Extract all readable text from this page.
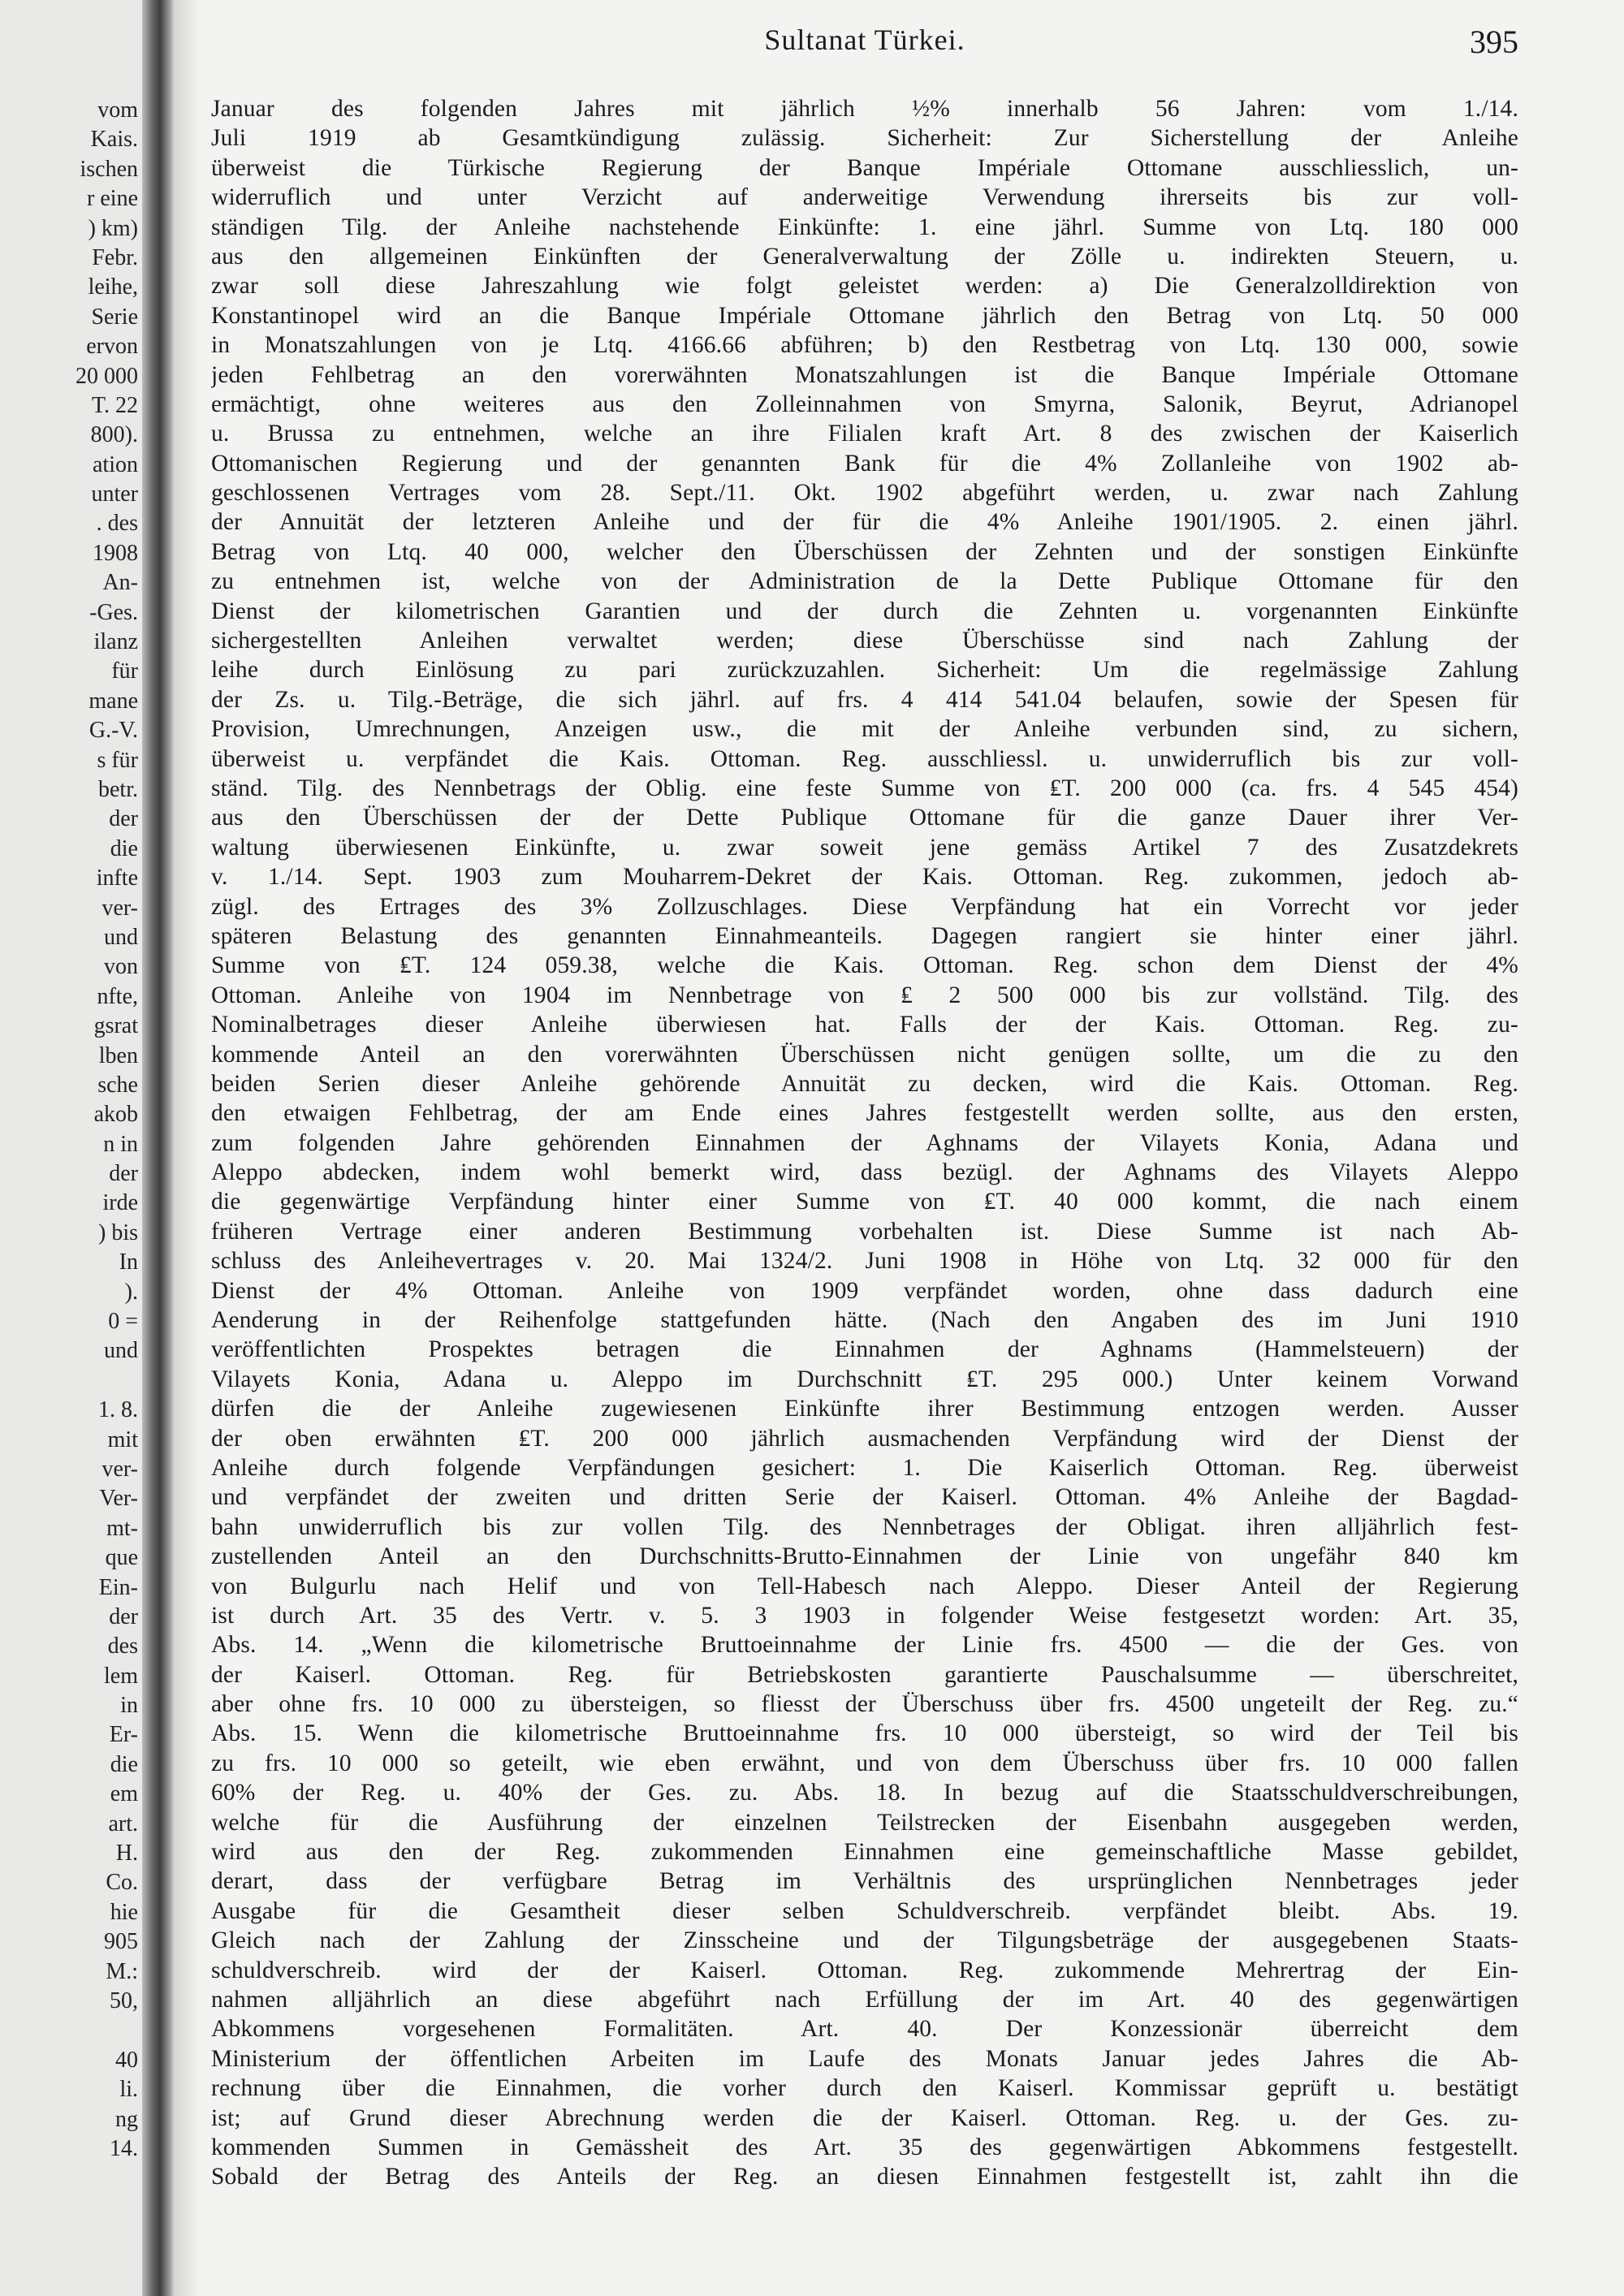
vom
Kais.
ischen
r eine
) km)
Febr.
leihe,
Serie
ervon
20 000
T. 22
800).
ation
unter
. des
1908
An-
-Ges.
ilanz
für
mane
G.-V.
s für
betr.
der
die
infte
ver-
und
von
nfte,
gsrat
lben
sche
akob
n in
der
irde
) bis
In
).
0 =
und
1. 8.
mit
ver-
Ver-
mt-
que
Ein-
der
des
lem
in
Er-
die
em
art.
H.
Co.
hie
905
M.:
50,
40
li.
ng
14.
Sultanat Türkei.	395
Januar des folgenden Jahres mit jährlich ½% innerhalb 56 Jahren: vom 1./14.
Juli 1919 ab Gesamtkündigung zulässig. Sicherheit: Zur Sicherstellung der Anleihe
überweist die Türkische Regierung der Banque Impériale Ottomane ausschliesslich, un-
widerruflich und unter Verzicht auf anderweitige Verwendung ihrerseits bis zur voll-
ständigen Tilg. der Anleihe nachstehende Einkünfte: 1. eine jährl. Summe von Ltq. 180 000
aus den allgemeinen Einkünften der Generalverwaltung der Zölle u. indirekten Steuern, u.
zwar soll diese Jahreszahlung wie folgt geleistet werden: a) Die Generalzolldirektion von
Konstantinopel wird an die Banque Impériale Ottomane jährlich den Betrag von Ltq. 50 000
in Monatszahlungen von je Ltq. 4166.66 abführen; b) den Restbetrag von Ltq. 130 000, sowie
jeden Fehlbetrag an den vorerwähnten Monatszahlungen ist die Banque Impériale Ottomane
ermächtigt, ohne weiteres aus den Zolleinnahmen von Smyrna, Salonik, Beyrut, Adrianopel
u. Brussa zu entnehmen, welche an ihre Filialen kraft Art. 8 des zwischen der Kaiserlich
Ottomanischen Regierung und der genannten Bank für die 4% Zollanleihe von 1902 ab-
geschlossenen Vertrages vom 28. Sept./11. Okt. 1902 abgeführt werden, u. zwar nach Zahlung
der Annuität der letzteren Anleihe und der für die 4% Anleihe 1901/1905. 2. einen jährl.
Betrag von Ltq. 40 000, welcher den Überschüssen der Zehnten und der sonstigen Einkünfte
zu entnehmen ist, welche von der Administration de la Dette Publique Ottomane für den
Dienst der kilometrischen Garantien und der durch die Zehnten u. vorgenannten Einkünfte
sichergestellten Anleihen verwaltet werden; diese Überschüsse sind nach Zahlung der
leihe durch Einlösung zu pari zurückzuzahlen. Sicherheit: Um die regelmässige Zahlung
der Zs. u. Tilg.-Beträge, die sich jährl. auf frs. 4 414 541.04 belaufen, sowie der Spesen für
Provision, Umrechnungen, Anzeigen usw., die mit der Anleihe verbunden sind, zu sichern,
überweist u. verpfändet die Kais. Ottoman. Reg. ausschliessl. u. unwiderruflich bis zur voll-
ständ. Tilg. des Nennbetrags der Oblig. eine feste Summe von ₤T. 200 000 (ca. frs. 4 545 454)
aus den Überschüssen der der Dette Publique Ottomane für die ganze Dauer ihrer Ver-
waltung überwiesenen Einkünfte, u. zwar soweit jene gemäss Artikel 7 des Zusatzdekrets
v. 1./14. Sept. 1903 zum Mouharrem-Dekret der Kais. Ottoman. Reg. zukommen, jedoch ab-
zügl. des Ertrages des 3% Zollzuschlages. Diese Verpfändung hat ein Vorrecht vor jeder
späteren Belastung des genannten Einnahmeanteils. Dagegen rangiert sie hinter einer jährl.
Summe von ₤T. 124 059.38, welche die Kais. Ottoman. Reg. schon dem Dienst der 4%
Ottoman. Anleihe von 1904 im Nennbetrage von ₤ 2 500 000 bis zur vollständ. Tilg. des
Nominalbetrages dieser Anleihe überwiesen hat. Falls der der Kais. Ottoman. Reg. zu-
kommende Anteil an den vorerwähnten Überschüssen nicht genügen sollte, um die zu den
beiden Serien dieser Anleihe gehörende Annuität zu decken, wird die Kais. Ottoman. Reg.
den etwaigen Fehlbetrag, der am Ende eines Jahres festgestellt werden sollte, aus den ersten,
zum folgenden Jahre gehörenden Einnahmen der Aghnams der Vilayets Konia, Adana und
Aleppo abdecken, indem wohl bemerkt wird, dass bezügl. der Aghnams des Vilayets Aleppo
die gegenwärtige Verpfändung hinter einer Summe von ₤T. 40 000 kommt, die nach einem
früheren Vertrage einer anderen Bestimmung vorbehalten ist. Diese Summe ist nach Ab-
schluss des Anleihevertrages v. 20. Mai 1324/2. Juni 1908 in Höhe von Ltq. 32 000 für den
Dienst der 4% Ottoman. Anleihe von 1909 verpfändet worden, ohne dass dadurch eine
Aenderung in der Reihenfolge stattgefunden hätte. (Nach den Angaben des im Juni 1910
veröffentlichten Prospektes betragen die Einnahmen der Aghnams (Hammelsteuern) der
Vilayets Konia, Adana u. Aleppo im Durchschnitt ₤T. 295 000.) Unter keinem Vorwand
dürfen die der Anleihe zugewiesenen Einkünfte ihrer Bestimmung entzogen werden. Ausser
der oben erwähnten ₤T. 200 000 jährlich ausmachenden Verpfändung wird der Dienst der
Anleihe durch folgende Verpfändungen gesichert: 1. Die Kaiserlich Ottoman. Reg. überweist
und verpfändet der zweiten und dritten Serie der Kaiserl. Ottoman. 4% Anleihe der Bagdad-
bahn unwiderruflich bis zur vollen Tilg. des Nennbetrages der Obligat. ihren alljährlich fest-
zustellenden Anteil an den Durchschnitts-Brutto-Einnahmen der Linie von ungefähr 840 km
von Bulgurlu nach Helif und von Tell-Habesch nach Aleppo. Dieser Anteil der Regierung
ist durch Art. 35 des Vertr. v. 5. 3 1903 in folgender Weise festgesetzt worden: Art. 35,
Abs. 14. „Wenn die kilometrische Bruttoeinnahme der Linie frs. 4500 — die der Ges. von
der Kaiserl. Ottoman. Reg. für Betriebskosten garantierte Pauschalsumme — überschreitet,
aber ohne frs. 10 000 zu übersteigen, so fliesst der Überschuss über frs. 4500 ungeteilt der Reg. zu.“
Abs. 15. Wenn die kilometrische Bruttoeinnahme frs. 10 000 übersteigt, so wird der Teil bis
zu frs. 10 000 so geteilt, wie eben erwähnt, und von dem Überschuss über frs. 10 000 fallen
60% der Reg. u. 40% der Ges. zu. Abs. 18. In bezug auf die Staatsschuldverschreibungen,
welche für die Ausführung der einzelnen Teilstrecken der Eisenbahn ausgegeben werden,
wird aus den der Reg. zukommenden Einnahmen eine gemeinschaftliche Masse gebildet,
derart, dass der verfügbare Betrag im Verhältnis des ursprünglichen Nennbetrages jeder
Ausgabe für die Gesamtheit dieser selben Schuldverschreib. verpfändet bleibt. Abs. 19.
Gleich nach der Zahlung der Zinsscheine und der Tilgungsbeträge der ausgegebenen Staats-
schuldverschreib. wird der der Kaiserl. Ottoman. Reg. zukommende Mehrertrag der Ein-
nahmen alljährlich an diese abgeführt nach Erfüllung der im Art. 40 des gegenwärtigen
Abkommens vorgesehenen Formalitäten. Art. 40. Der Konzessionär überreicht dem
Ministerium der öffentlichen Arbeiten im Laufe des Monats Januar jedes Jahres die Ab-
rechnung über die Einnahmen, die vorher durch den Kaiserl. Kommissar geprüft u. bestätigt
ist; auf Grund dieser Abrechnung werden die der Kaiserl. Ottoman. Reg. u. der Ges. zu-
kommenden Summen in Gemässheit des Art. 35 des gegenwärtigen Abkommens festgestellt.
Sobald der Betrag des Anteils der Reg. an diesen Einnahmen festgestellt ist, zahlt ihn die
